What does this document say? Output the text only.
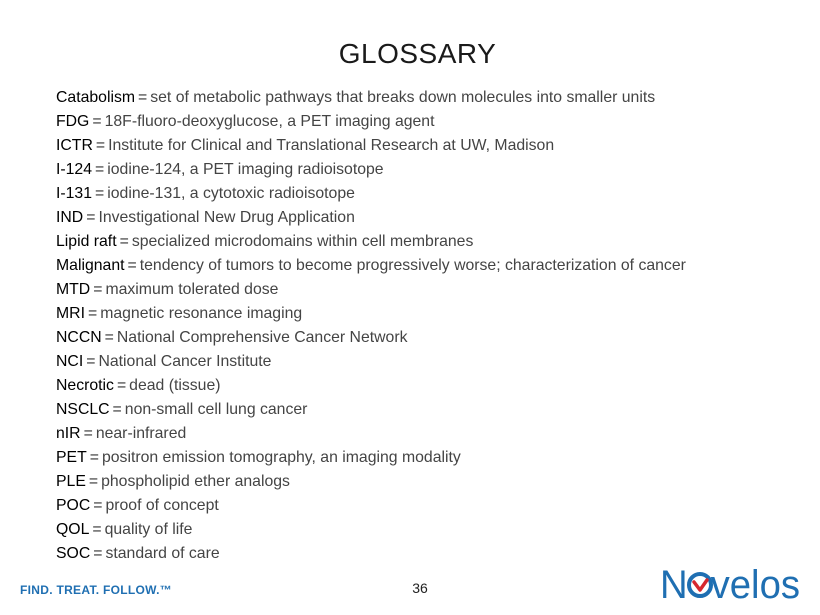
GLOSSARY
Catabolism = set of metabolic pathways that breaks down molecules into smaller units
FDG = 18F-fluoro-deoxyglucose, a PET imaging agent
ICTR = Institute for Clinical and Translational Research at UW, Madison
I-124 = iodine-124, a PET imaging radioisotope
I-131 = iodine-131, a cytotoxic radioisotope
IND = Investigational New Drug Application
Lipid raft = specialized microdomains within cell membranes
Malignant = tendency of tumors to become progressively worse; characterization of cancer
MTD = maximum tolerated dose
MRI = magnetic resonance imaging
NCCN = National Comprehensive Cancer Network
NCI = National Cancer Institute
Necrotic = dead (tissue)
NSCLC = non-small cell lung cancer
nIR = near-infrared
PET = positron emission tomography, an imaging modality
PLE = phospholipid ether analogs
POC = proof of concept
QOL = quality of life
SOC = standard of care
FIND. TREAT. FOLLOW.™	36	N   velos
